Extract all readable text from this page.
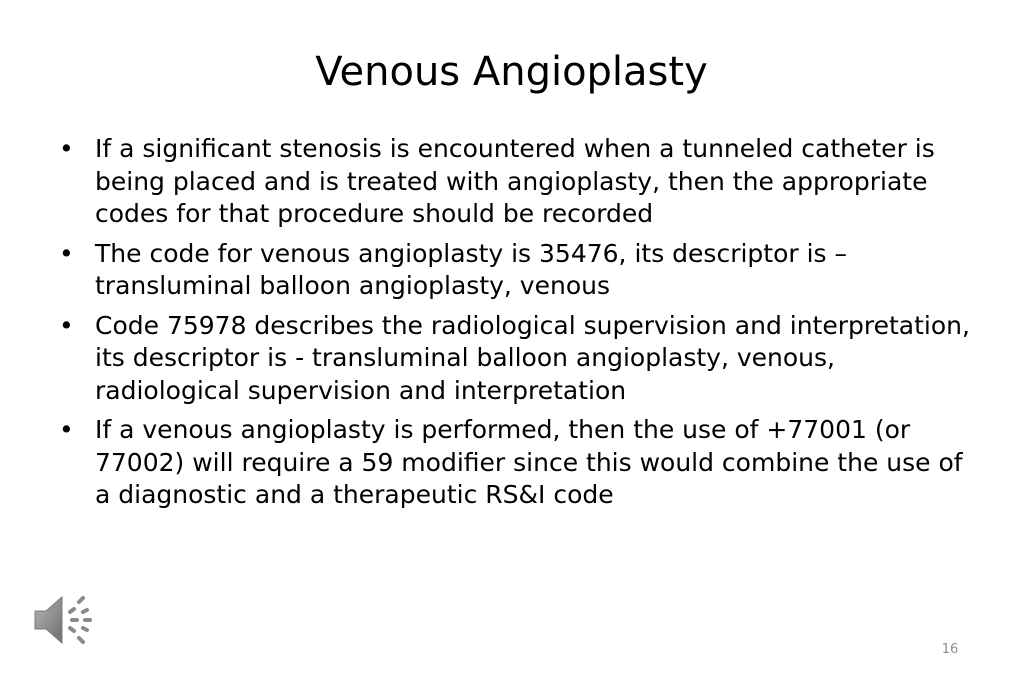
Venous Angioplasty
• If a significant stenosis is encountered when a tunneled catheter is being placed and is treated with angioplasty, then the appropriate codes for that procedure should be recorded
• The code for venous angioplasty is 35476, its descriptor is – transluminal balloon angioplasty, venous
• Code 75978 describes the radiological supervision and interpretation, its descriptor is - transluminal balloon angioplasty, venous, radiological supervision and interpretation
• If a venous angioplasty is performed, then the use of +77001 (or 77002) will require a 59 modifier since this would combine the use of a diagnostic and a therapeutic RS&I code
16
